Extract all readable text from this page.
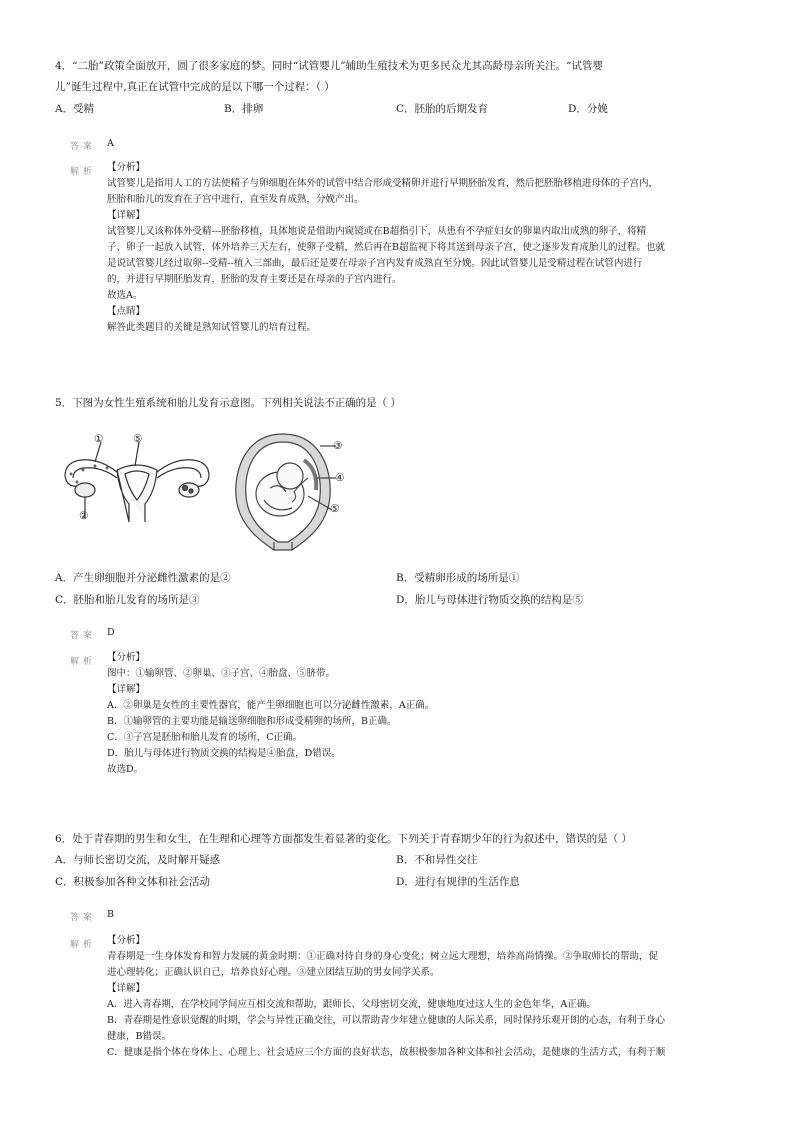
4．“二胎”政策全面放开，圆了很多家庭的梦。同时“试管婴儿”辅助生殖技术为更多民众尤其高龄母亲所关注。“试管婴
儿”诞生过程中,真正在试管中完成的是以下哪一个过程：（ ）
A．受精	B．排卵	C．胚胎的后期发育	D．分娩
答案 A
解析 【分析】
试管婴儿是指用人工的方法使精子与卵细胞在体外的试管中结合形成受精卵并进行早期胚胎发育，然后把胚胎移植进母体的子宫内，
胚胎和胎儿的发育在子宫中进行，直至发育成熟，分娩产出。
【详解】
试管婴儿又该称体外受精---胚胎移植，具体地说是借助内窥镜或在B超指引下，从患有不孕症妇女的卵巢内取出成熟的卵子，将精
子、卵子一起放入试管，体外培养三天左右，使卵子受精，然后再在B超监视下将其送到母亲子宫，使之逐步发育成胎儿的过程。也就
是说试管婴儿经过取卵--受精--植入三部曲，最后还是要在母亲子宫内发育成熟直至分娩。因此试管婴儿是受精过程在试管内进行
的，并进行早期胚胎发育，胚胎的发育主要还是在母亲的子宫内进行。
故选A。
【点睛】
解答此类题目的关键是熟知试管婴儿的培育过程。
5．下图为女性生殖系统和胎儿发育示意图。下列相关说法不正确的是（ ）
①	⑤
②
③
④
⑤
A．产生卵细胞并分泌雌性激素的是②	B．受精卵形成的场所是①
C．胚胎和胎儿发育的场所是③	D．胎儿与母体进行物质交换的结构是⑤
答案 D
解析 【分析】
图中：①输卵管、②卵巢、③子宫、④胎盘、⑤脐带。
【详解】
A．②卵巢是女性的主要性器官，能产生卵细胞也可以分泌雌性激素，A正确。
B．①输卵管的主要功能是输送卵细胞和形成受精卵的场所，B正确。
C．③子宫是胚胎和胎儿发育的场所，C正确。
D．胎儿与母体进行物质交换的结构是④胎盘，D错误。
故选D。
6．处于青春期的男生和女生，在生理和心理等方面都发生着显著的变化。下列关于青春期少年的行为叙述中，错误的是（ ）
A．与师长密切交流，及时解开疑惑	B．不和异性交往
C．积极参加各种文体和社会活动	D．进行有规律的生活作息
答案 B
解析 【分析】
青春期是一生身体发育和智力发展的黄金时期：①正确对待自身的身心变化；树立远大理想，培养高尚情操。②争取师长的帮助，促
进心理转化；正确认识自己，培养良好心理。③建立团结互助的男女同学关系。
【详解】
A．进入青春期，在学校同学间应互相交流和帮助，跟师长、父母密切交流，健康地度过这人生的金色年华，A正确。
B．青春期是性意识觉醒的时期，学会与异性正确交往，可以帮助青少年建立健康的人际关系，同时保持乐观开朗的心态，有利于身心
健康，B错误。
C．健康是指个体在身体上、心理上、社会适应三个方面的良好状态，故积极参加各种文体和社会活动，是健康的生活方式，有利于顺
